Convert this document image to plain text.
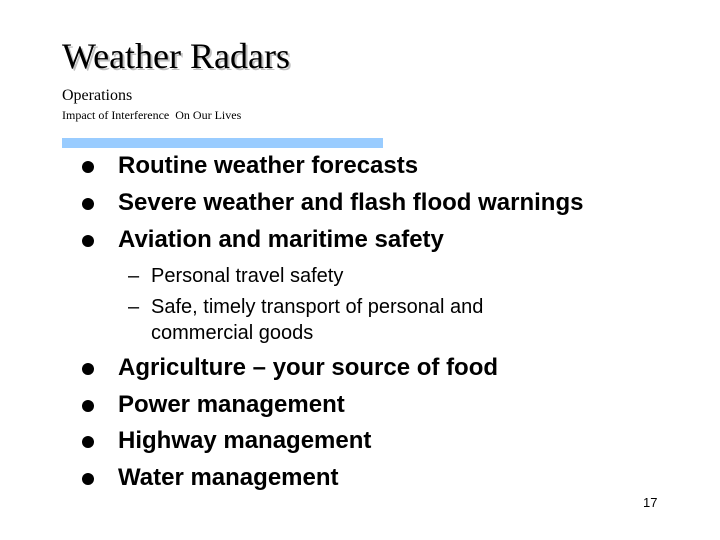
Weather Radars
Operations
Impact of Interference  On Our Lives
Routine weather forecasts
Severe weather and flash flood warnings
Aviation and maritime safety
– Personal travel safety
– Safe, timely transport of personal and
commercial goods
Agriculture – your source of food
Power management
Highway management
Water management
17
